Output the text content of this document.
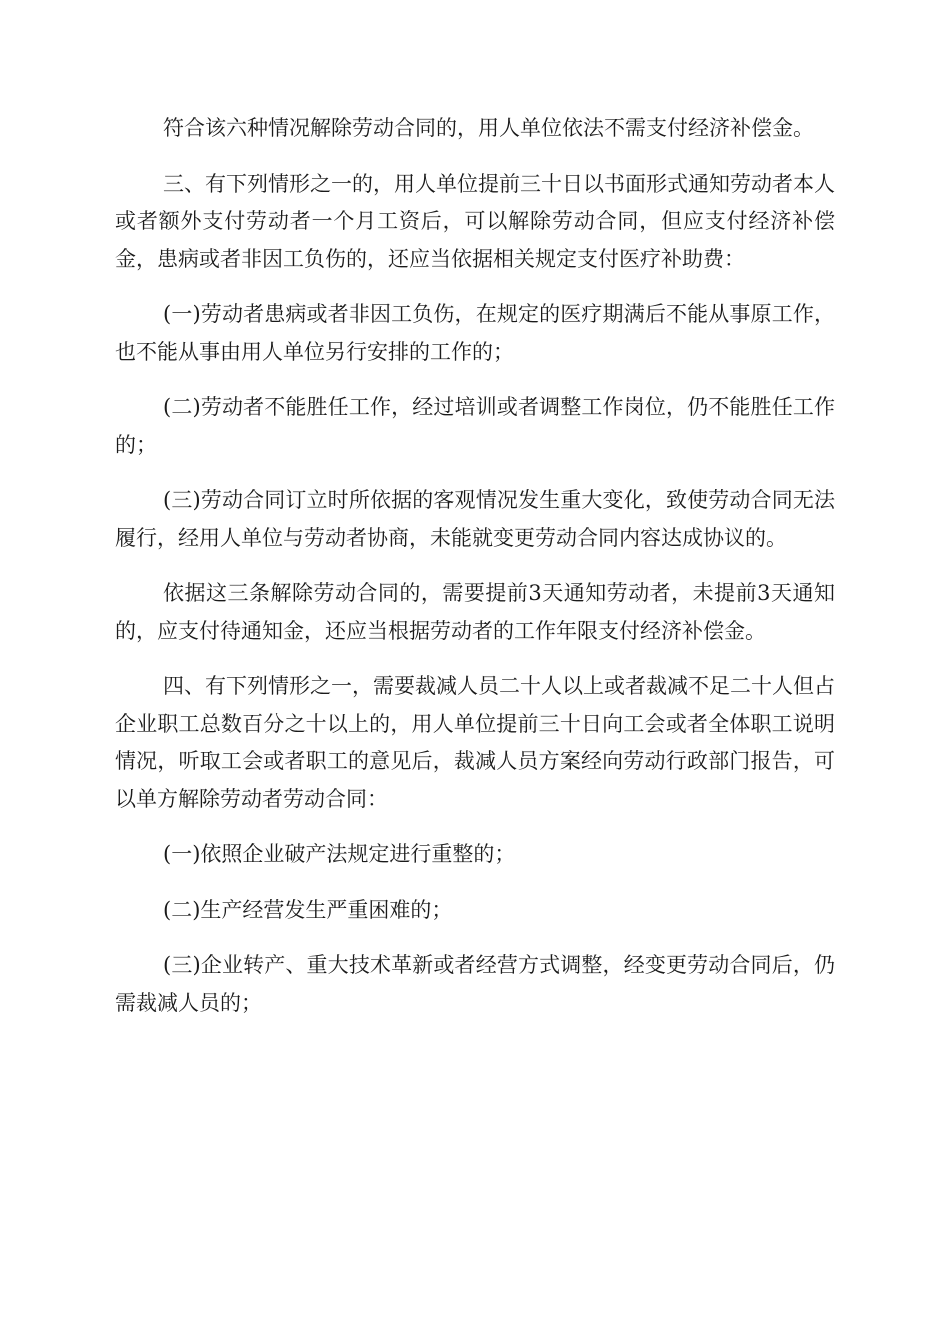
符合该六种情况解除劳动合同的，用人单位依法不需支付经济补偿金。

三、有下列情形之一的，用人单位提前三十日以书面形式通知劳动者本人或者额外支付劳动者一个月工资后，可以解除劳动合同，但应支付经济补偿金，患病或者非因工负伤的，还应当依据相关规定支付医疗补助费：

(一)劳动者患病或者非因工负伤，在规定的医疗期满后不能从事原工作，也不能从事由用人单位另行安排的工作的；

(二)劳动者不能胜任工作，经过培训或者调整工作岗位，仍不能胜任工作的；

(三)劳动合同订立时所依据的客观情况发生重大变化，致使劳动合同无法履行，经用人单位与劳动者协商，未能就变更劳动合同内容达成协议的。

依据这三条解除劳动合同的，需要提前3天通知劳动者，未提前3天通知的，应支付待通知金，还应当根据劳动者的工作年限支付经济补偿金。

四、有下列情形之一，需要裁减人员二十人以上或者裁减不足二十人但占企业职工总数百分之十以上的，用人单位提前三十日向工会或者全体职工说明情况，听取工会或者职工的意见后，裁减人员方案经向劳动行政部门报告，可以单方解除劳动者劳动合同：

(一)依照企业破产法规定进行重整的；

(二)生产经营发生严重困难的；

(三)企业转产、重大技术革新或者经营方式调整，经变更劳动合同后，仍需裁减人员的；
